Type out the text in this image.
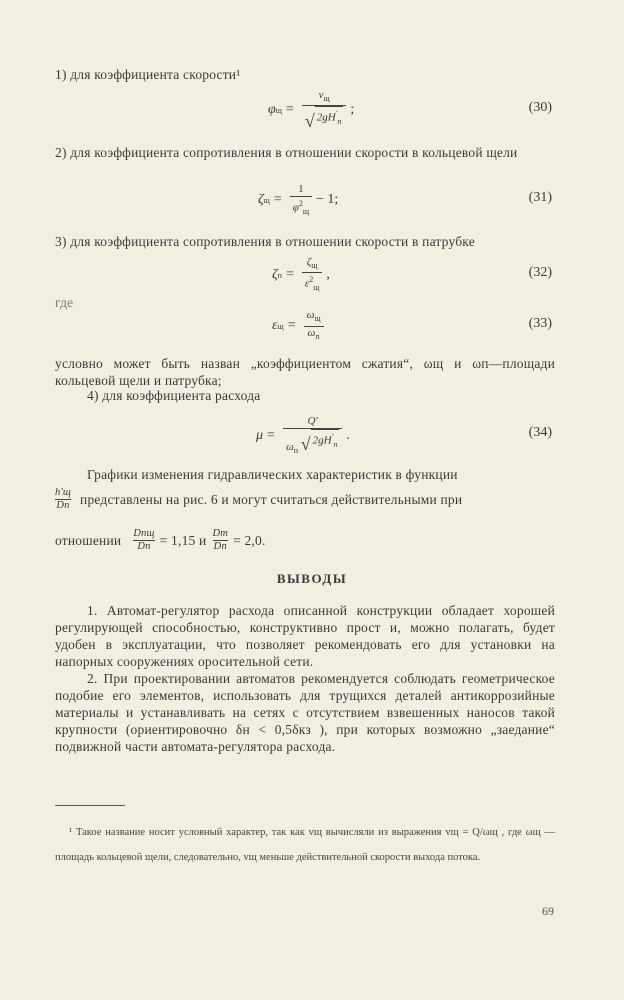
1) для коэффициента скорости¹
φ $щ = \frac{v_щ}{√ 2gH'_п}$ ;	(30)
2) для коэффициента сопротивления в отношении скорости в кольцевой щели
ζ $щ = \frac{1}{\varphi^2_щ} - 1$;	(31)
3) для коэффициента сопротивления в отношении скорости в патрубке
ζ $п = \frac{\zeta_щ}{\varepsilon^2_щ}$ ,	(32)
где
ε $щ = \frac{\omega_щ}{\omega_п}$	(33)
условно может быть назван „коэффициентом сжатия“, ωщ и ωп—площади кольцевой щели и патрубка;
4) для коэффициента расхода
$\mu = \frac{Q'}{\omega_п √ 2gH'_п}$ .	(34)
Графики изменения гидравлических характеристик в функции
$\frac{h'щ}{Dп}$ представлены на рис. 6 и могут считаться действительными при
отношении $\frac{\text{Dпщ}}{Dп} = 1,15$ и $\frac{Dт}{Dп} = 2,0$.
ВЫВОДЫ
1. Автомат-регулятор расхода описанной конструкции обладает хорошей регулирующей способностью, конструктивно прост и, можно полагать, будет удобен в эксплуатации, что позволяет рекомендовать его для установки на напорных сооружениях оросительной сети.
2. При проектировании автоматов рекомендуется соблюдать геометрическое подобие его элементов, использовать для трущихся деталей антикоррозийные материалы и устанавливать на сетях с отсутствием взвешенных наносов такой крупности (ориентировочно δн < 0,5δкз ), при которых возможно „заедание“ подвижной части автомата-регулятора расхода.
¹ Такое название носит условный характер, так как vщ вычисляли из выражения vщ = Q/ωщ , где ωщ — площадь кольцевой щели, следовательно, vщ меньше действительной скорости выхода потока.
69
